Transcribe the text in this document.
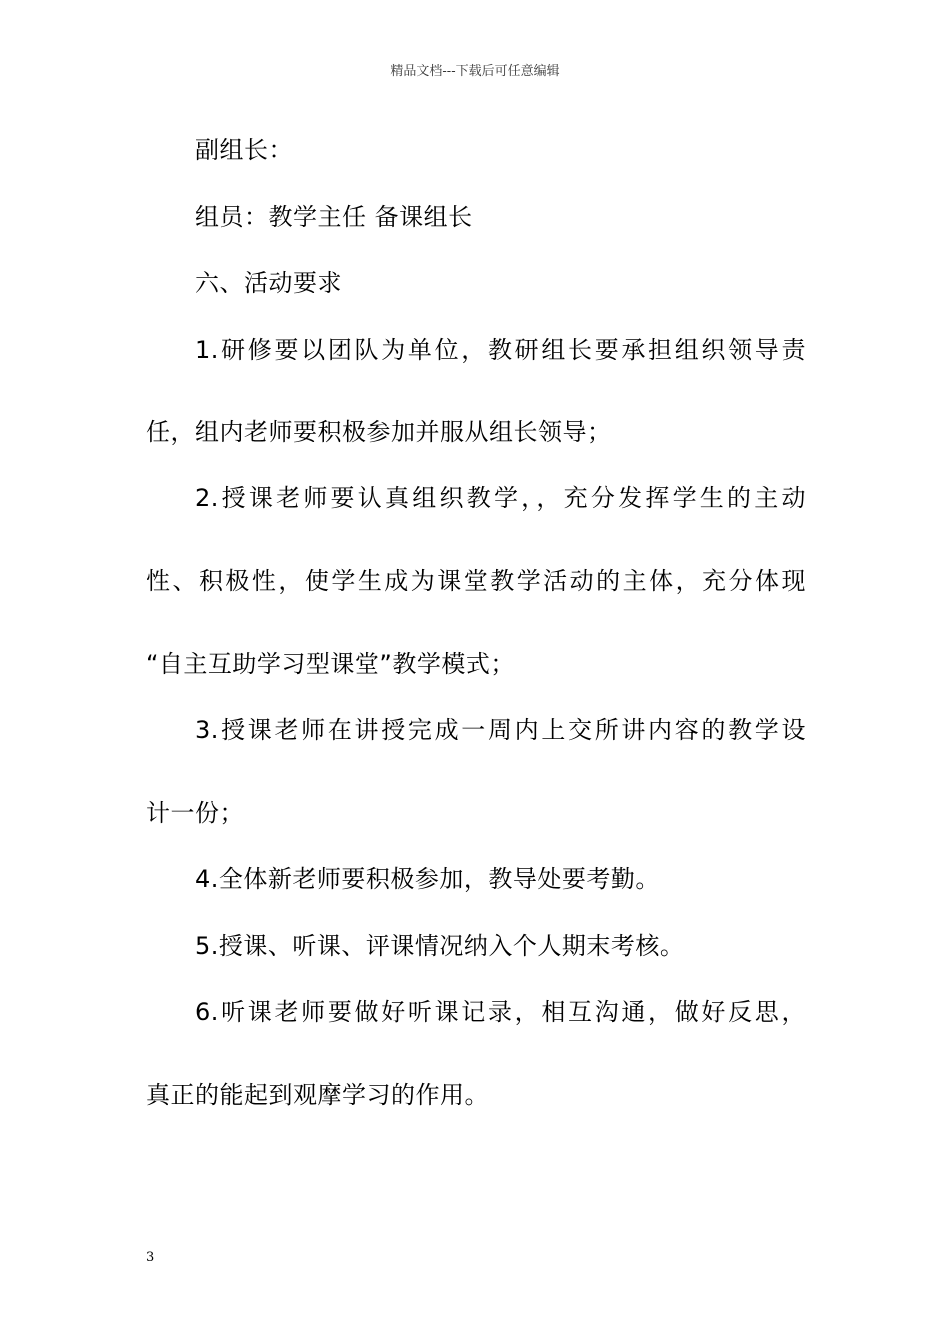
精品文档---下载后可任意编辑
副组长：
组员：教学主任 备课组长
六、活动要求
1.研修要以团队为单位，教研组长要承担组织领导责
任，组内老师要积极参加并服从组长领导；
2.授课老师要认真组织教学，，充分发挥学生的主动
性、积极性，使学生成为课堂教学活动的主体，充分体现
“自主互助学习型课堂”教学模式；
3.授课老师在讲授完成一周内上交所讲内容的教学设
计一份；
4.全体新老师要积极参加，教导处要考勤。
5.授课、听课、评课情况纳入个人期末考核。
6.听课老师要做好听课记录，相互沟通，做好反思，
真正的能起到观摩学习的作用。
3
